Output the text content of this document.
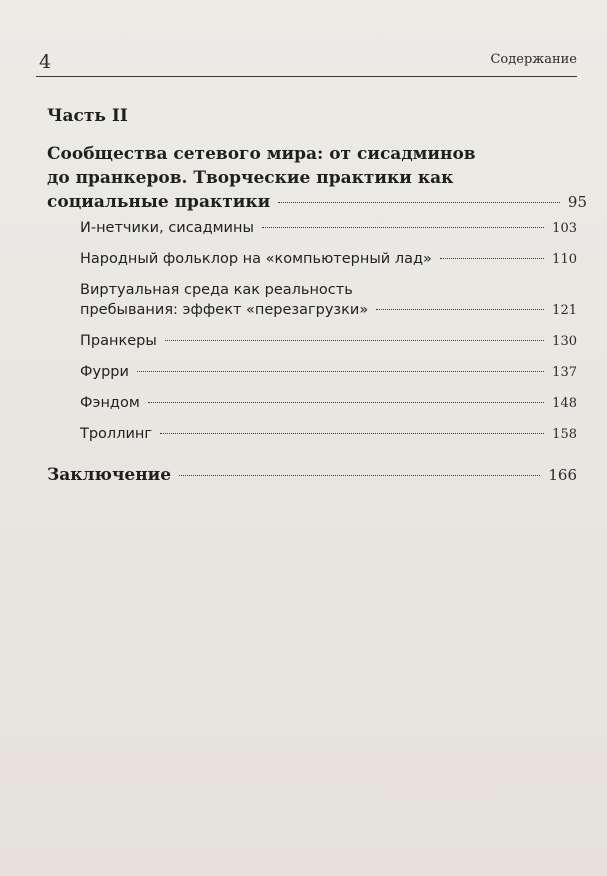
4	Содержание
Часть II
Сообщества сетевого мира: от сисадминов
до пранкеров. Творческие практики как
социальные практики	95
И-нетчики, сисадмины	103
Народный фольклор на «компьютерный лад»	110
Виртуальная среда как реальность
пребывания: эффект «перезагрузки»	121
Пранкеры	130
Фурри	137
Фэндом	148
Троллинг	158
Заключение	166
